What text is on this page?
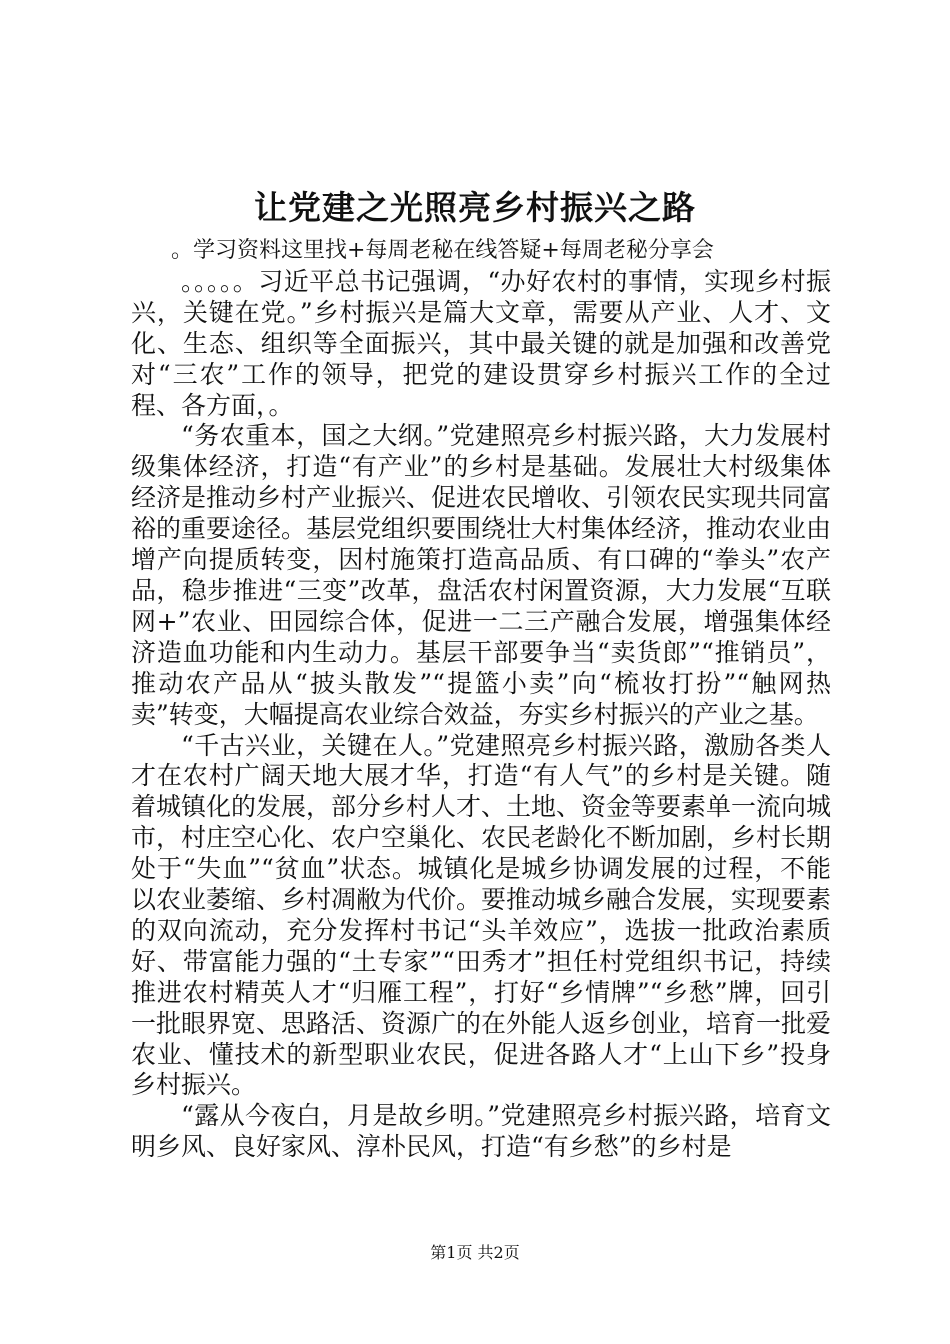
让党建之光照亮乡村振兴之路

。学习资料这里找+每周老秘在线答疑+每周老秘分享会

。。。。。习近平总书记强调，“办好农村的事情，实现乡村振兴，关键在党。”乡村振兴是篇大文章，需要从产业、人才、文化、生态、组织等全面振兴，其中最关键的就是加强和改善党对“三农”工作的领导，把党的建设贯穿乡村振兴工作的全过程、各方面，。

“务农重本，国之大纲。”党建照亮乡村振兴路，大力发展村级集体经济，打造“有产业”的乡村是基础。发展壮大村级集体经济是推动乡村产业振兴、促进农民增收、引领农民实现共同富裕的重要途径。基层党组织要围绕壮大村集体经济，推动农业由增产向提质转变，因村施策打造高品质、有口碑的“拳头”农产品，稳步推进“三变”改革，盘活农村闲置资源，大力发展“互联网+”农业、田园综合体，促进一二三产融合发展，增强集体经济造血功能和内生动力。基层干部要争当“卖货郎”“推销员”，推动农产品从“披头散发”“提篮小卖”向“梳妆打扮”“触网热卖”转变，大幅提高农业综合效益，夯实乡村振兴的产业之基。

“千古兴业，关键在人。”党建照亮乡村振兴路，激励各类人才在农村广阔天地大展才华，打造“有人气”的乡村是关键。随着城镇化的发展，部分乡村人才、土地、资金等要素单一流向城市，村庄空心化、农户空巢化、农民老龄化不断加剧，乡村长期处于“失血”“贫血”状态。城镇化是城乡协调发展的过程，不能以农业萎缩、乡村凋敝为代价。要推动城乡融合发展，实现要素的双向流动，充分发挥村书记“头羊效应”，选拔一批政治素质好、带富能力强的“土专家”“田秀才”担任村党组织书记，持续推进农村精英人才“归雁工程”，打好“乡情牌”“乡愁”牌，回引一批眼界宽、思路活、资源广的在外能人返乡创业，培育一批爱农业、懂技术的新型职业农民，促进各路人才“上山下乡”投身乡村振兴。

“露从今夜白，月是故乡明。”党建照亮乡村振兴路，培育文明乡风、良好家风、淳朴民风，打造“有乡愁”的乡村是

第1页 共2页
